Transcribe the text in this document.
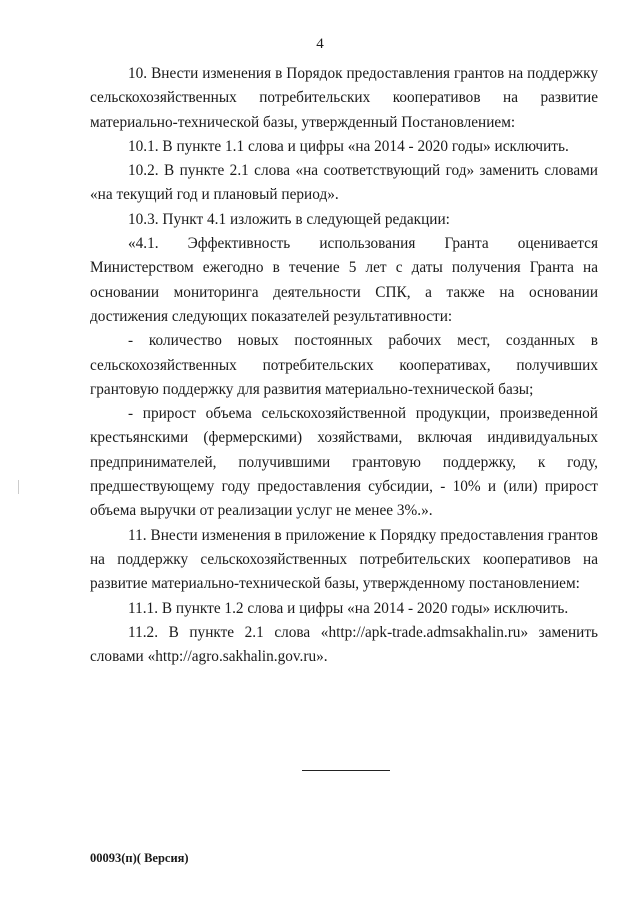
4

10. Внести изменения в Порядок предоставления грантов на поддержку сельскохозяйственных потребительских кооперативов на развитие материально-технической базы, утвержденный Постановлением:

10.1. В пункте 1.1 слова и цифры «на 2014 - 2020 годы» исключить.

10.2. В пункте 2.1 слова «на соответствующий год» заменить словами «на текущий год и плановый период».

10.3. Пункт 4.1 изложить в следующей редакции:

«4.1. Эффективность использования Гранта оценивается Министерством ежегодно в течение 5 лет с даты получения Гранта на основании мониторинга деятельности СПК, а также на основании достижения следующих показателей результативности:

- количество новых постоянных рабочих мест, созданных в сельскохозяйственных потребительских кооперативах, получивших грантовую поддержку для развития материально-технической базы;

- прирост объема сельскохозяйственной продукции, произведенной крестьянскими (фермерскими) хозяйствами, включая индивидуальных предпринимателей, получившими грантовую поддержку, к году, предшествующему году предоставления субсидии, - 10% и (или) прирост объема выручки от реализации услуг не менее 3%.».

11. Внести изменения в приложение к Порядку предоставления грантов на поддержку сельскохозяйственных потребительских кооперативов на развитие материально-технической базы, утвержденному постановлением:

11.1. В пункте 1.2 слова и цифры «на 2014 - 2020 годы» исключить.

11.2. В пункте 2.1 слова «http://apk-trade.admsakhalin.ru» заменить словами «http://agro.sakhalin.gov.ru».

00093(п)( Версия)
